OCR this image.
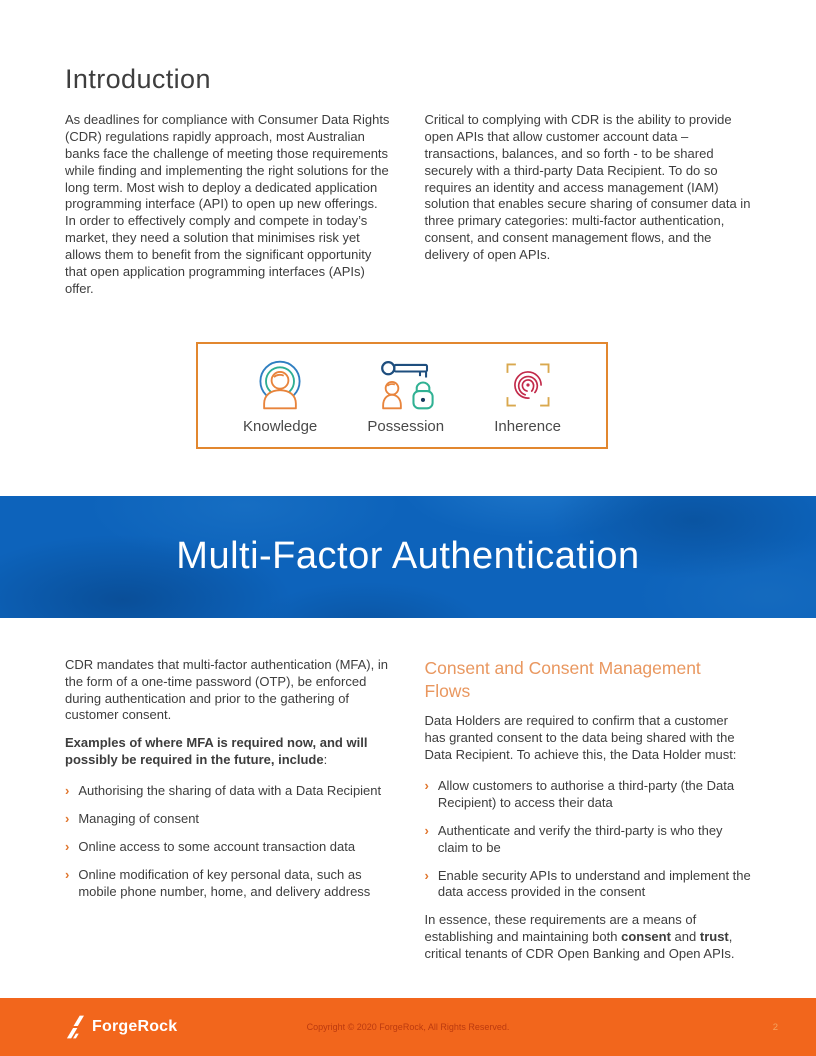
Introduction

As deadlines for compliance with Consumer Data Rights (CDR) regulations rapidly approach, most Australian banks face the challenge of meeting those requirements while finding and implementing the right solutions for the long term. Most wish to deploy a dedicated application programming interface (API) to open up new offerings. In order to effectively comply and compete in today’s market, they need a solution that minimises risk yet allows them to benefit from the significant opportunity that open application programming interfaces (APIs) offer.

Critical to complying with CDR is the ability to provide open APIs that allow customer account data – transactions, balances, and so forth - to be shared securely with a third-party Data Recipient. To do so requires an identity and access management (IAM) solution that enables secure sharing of consumer data in three primary categories: multi-factor authentication, consent, and consent management flows, and the delivery of open APIs.

Knowledge	Possession	Inherence
Multi-Factor Authentication

CDR mandates that multi-factor authentication (MFA), in the form of a one-time password (OTP), be enforced during authentication and prior to the gathering of customer consent.

Examples of where MFA is required now, and will possibly be required in the future, include:

› Authorising the sharing of data with a Data Recipient
› Managing of consent
› Online access to some account transaction data
› Online modification of key personal data, such as mobile phone number, home, and delivery address
Consent and Consent Management Flows

Data Holders are required to confirm that a customer has granted consent to the data being shared with the Data Recipient. To achieve this, the Data Holder must:

› Allow customers to authorise a third-party (the Data Recipient) to access their data
› Authenticate and verify the third-party is who they claim to be
› Enable security APIs to understand and implement the data access provided in the consent

In essence, these requirements are a means of establishing and maintaining both consent and trust, critical tenants of CDR Open Banking and Open APIs.

ForgeRock	Copyright © 2020 ForgeRock, All Rights Reserved.	2
